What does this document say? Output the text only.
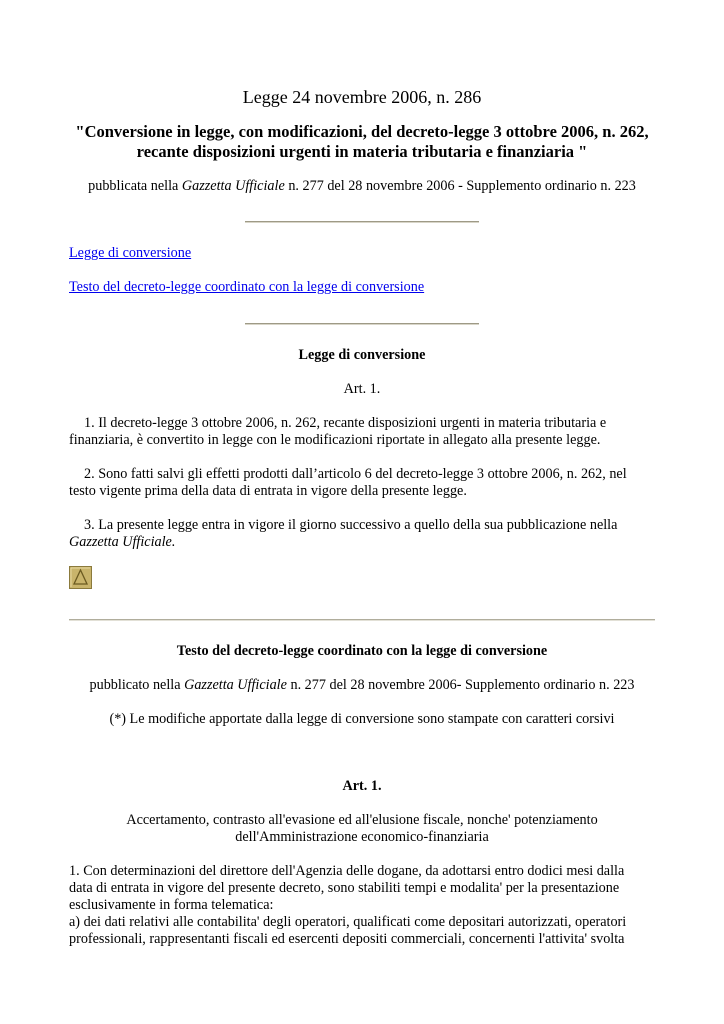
Legge 24 novembre 2006, n. 286
"Conversione in legge, con modificazioni, del decreto-legge 3 ottobre 2006, n. 262,
recante disposizioni urgenti in materia tributaria e finanziaria "
pubblicata nella Gazzetta Ufficiale n. 277 del 28 novembre 2006 - Supplemento ordinario n. 223
Legge di conversione
Testo del decreto-legge coordinato con la legge di conversione
Legge di conversione
Art. 1.
1. Il decreto-legge 3 ottobre 2006, n. 262, recante disposizioni urgenti in materia tributaria e
finanziaria, è convertito in legge con le modificazioni riportate in allegato alla presente legge.
2. Sono fatti salvi gli effetti prodotti dall’articolo 6 del decreto-legge 3 ottobre 2006, n. 262, nel
testo vigente prima della data di entrata in vigore della presente legge.
3. La presente legge entra in vigore il giorno successivo a quello della sua pubblicazione nella
Gazzetta Ufficiale.
Testo del decreto-legge coordinato con la legge di conversione
pubblicato nella Gazzetta Ufficiale n. 277 del 28 novembre 2006- Supplemento ordinario n. 223
(*) Le modifiche apportate dalla legge di conversione sono stampate con caratteri corsivi
Art. 1.
Accertamento, contrasto all'evasione ed all'elusione fiscale, nonche' potenziamento
dell'Amministrazione economico-finanziaria
1. Con determinazioni del direttore dell'Agenzia delle dogane, da adottarsi entro dodici mesi dalla
data di entrata in vigore del presente decreto, sono stabiliti tempi e modalita' per la presentazione
esclusivamente in forma telematica:
a) dei dati relativi alle contabilita' degli operatori, qualificati come depositari autorizzati, operatori
professionali, rappresentanti fiscali ed esercenti depositi commerciali, concernenti l'attivita' svolta
